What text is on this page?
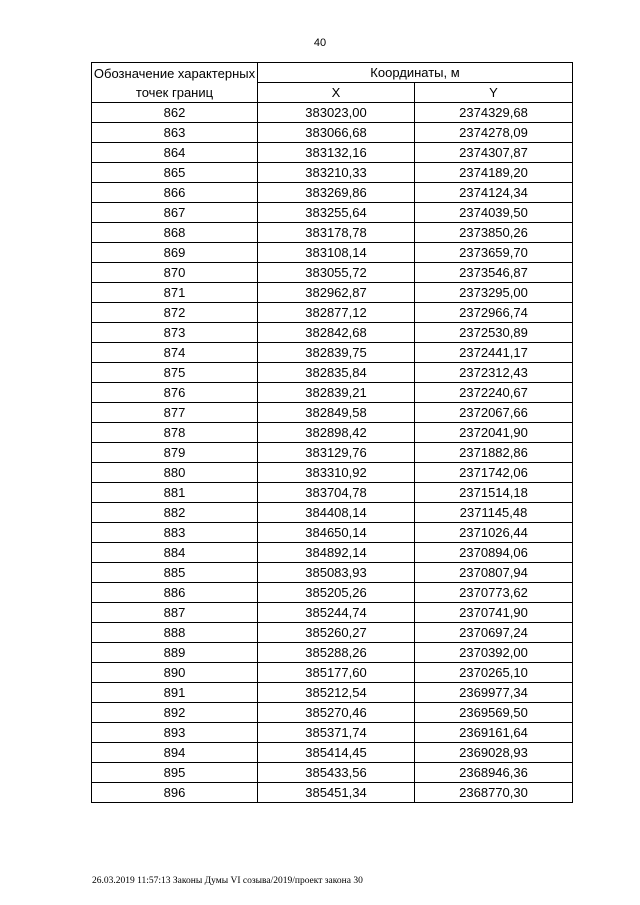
40
Обозначение характерных точек границ	Координаты, м	
	X	Y
862	383023,00	2374329,68
863	383066,68	2374278,09
864	383132,16	2374307,87
865	383210,33	2374189,20
866	383269,86	2374124,34
867	383255,64	2374039,50
868	383178,78	2373850,26
869	383108,14	2373659,70
870	383055,72	2373546,87
871	382962,87	2373295,00
872	382877,12	2372966,74
873	382842,68	2372530,89
874	382839,75	2372441,17
875	382835,84	2372312,43
876	382839,21	2372240,67
877	382849,58	2372067,66
878	382898,42	2372041,90
879	383129,76	2371882,86
880	383310,92	2371742,06
881	383704,78	2371514,18
882	384408,14	2371145,48
883	384650,14	2371026,44
884	384892,14	2370894,06
885	385083,93	2370807,94
886	385205,26	2370773,62
887	385244,74	2370741,90
888	385260,27	2370697,24
889	385288,26	2370392,00
890	385177,60	2370265,10
891	385212,54	2369977,34
892	385270,46	2369569,50
893	385371,74	2369161,64
894	385414,45	2369028,93
895	385433,56	2368946,36
896	385451,34	2368770,30
26.03.2019 11:57:13 Законы Думы VI созыва/2019/проект закона 30
